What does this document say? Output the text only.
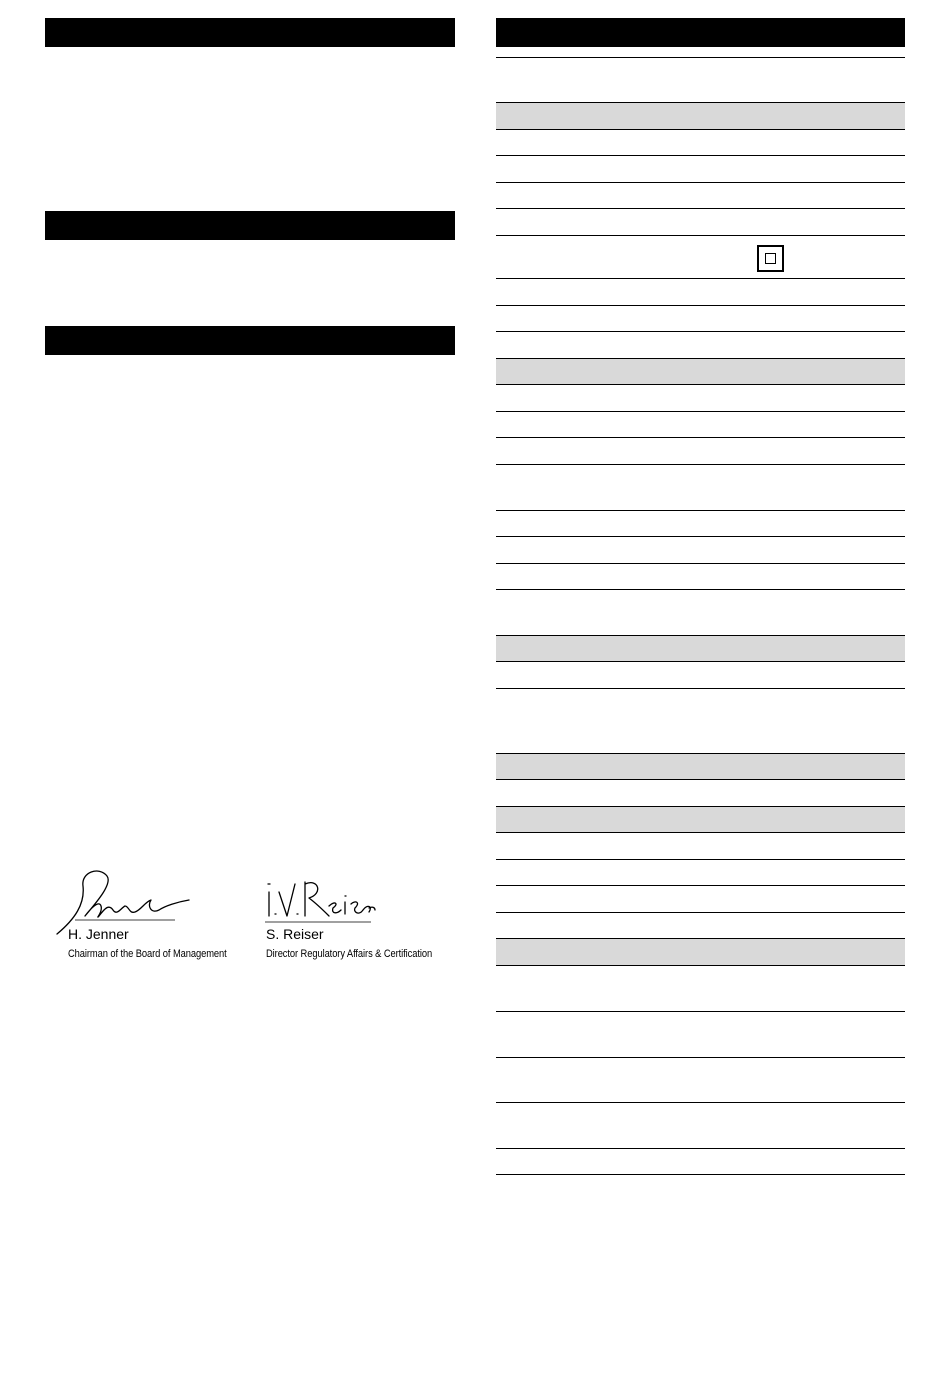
H. Jenner
Chairman of the Board of Management
S. Reiser
Director Regulatory Affairs & Certification
